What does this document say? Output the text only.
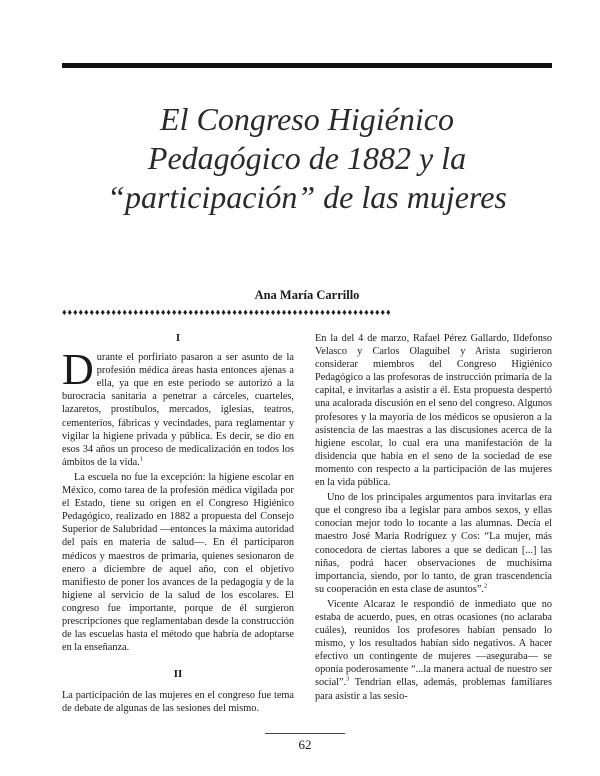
El Congreso Higiénico
Pedagógico de 1882 y la
“participación” de las mujeres
Ana María Carrillo
♦♦♦♦♦♦♦♦♦♦♦♦♦♦♦♦♦♦♦♦♦♦♦♦♦♦♦♦♦♦♦♦♦♦♦♦♦♦♦♦♦♦♦♦♦♦♦♦♦♦♦♦♦♦♦♦♦♦♦♦
I

Durante el porfiriato pasaron a ser asunto de la profesión médica áreas hasta entonces ajenas a ella, ya que en este periodo se autorizó a la burocracia sanitaria a penetrar a cárceles, cuarteles, lazaretos, prostíbulos, mercados, iglesias, teatros, cementerios, fábricas y vecindades, para reglamentar y vigilar la higiene privada y pública. Es decir, se dio en esos 34 años un proceso de medicalización en todos los ámbitos de la vida.$^1$

La escuela no fue la excepción: la higiene escolar en México, como tarea de la profesión médica vigilada por el Estado, tiene su origen en el Congreso Higiénico Pedagógico, realizado en 1882 a propuesta del Consejo Superior de Salubridad —entonces la máxima autoridad del país en materia de salud—. En él participaron médicos y maestros de primaria, quienes sesionaron de enero a diciembre de aquel año, con el objetivo manifiesto de poner los avances de la pedagogía y de la higiene al servicio de la salud de los escolares. El congreso fue importante, porque de él surgieron prescripciones que reglamentaban desde la construcción de las escuelas hasta el método que habría de adoptarse en la enseñanza.

II

La participación de las mujeres en el congreso fue tema de debate de algunas de las sesiones del mismo.

En la del 4 de marzo, Rafael Pérez Gallardo, Ildefonso Velasco y Carlos Olaguíbel y Arista sugirieron considerar miembros del Congreso Higiénico Pedagógico a las profesoras de instrucción primaria de la capital, e invitarlas a asistir a él. Esta propuesta despertó una acalorada discusión en el seno del congreso. Algunos profesores y la mayoría de los médicos se opusieron a la asistencia de las maestras a las discusiones acerca de la higiene escolar, lo cual era una manifestación de la disidencia que había en el seno de la sociedad de ese momento con respecto a la participación de las mujeres en la vida pública.

Uno de los principales argumentos para invitarlas era que el congreso iba a legislar para ambos sexos, y ellas conocían mejor todo lo tocante a las alumnas. Decía el maestro José María Rodríguez y Cos: “La mujer, más conocedora de ciertas labores a que se dedican [...] las niñas, podrá hacer observaciones de muchísima importancia, siendo, por lo tanto, de gran trascendencia su cooperación en esta clase de asuntos”.$^2$

Vicente Alcaraz le respondió de inmediato que no estaba de acuerdo, pues, en otras ocasiones (no aclaraba cuáles), reunidos los profesores habían pensado lo mismo, y los resultados habían sido negativos. A hacer efectivo un contingente de mujeres —aseguraba— se oponía poderosamente “...la manera actual de nuestro ser social”.$^3$ Tendrían ellas, además, problemas familiares para asistir a las sesio-

62
